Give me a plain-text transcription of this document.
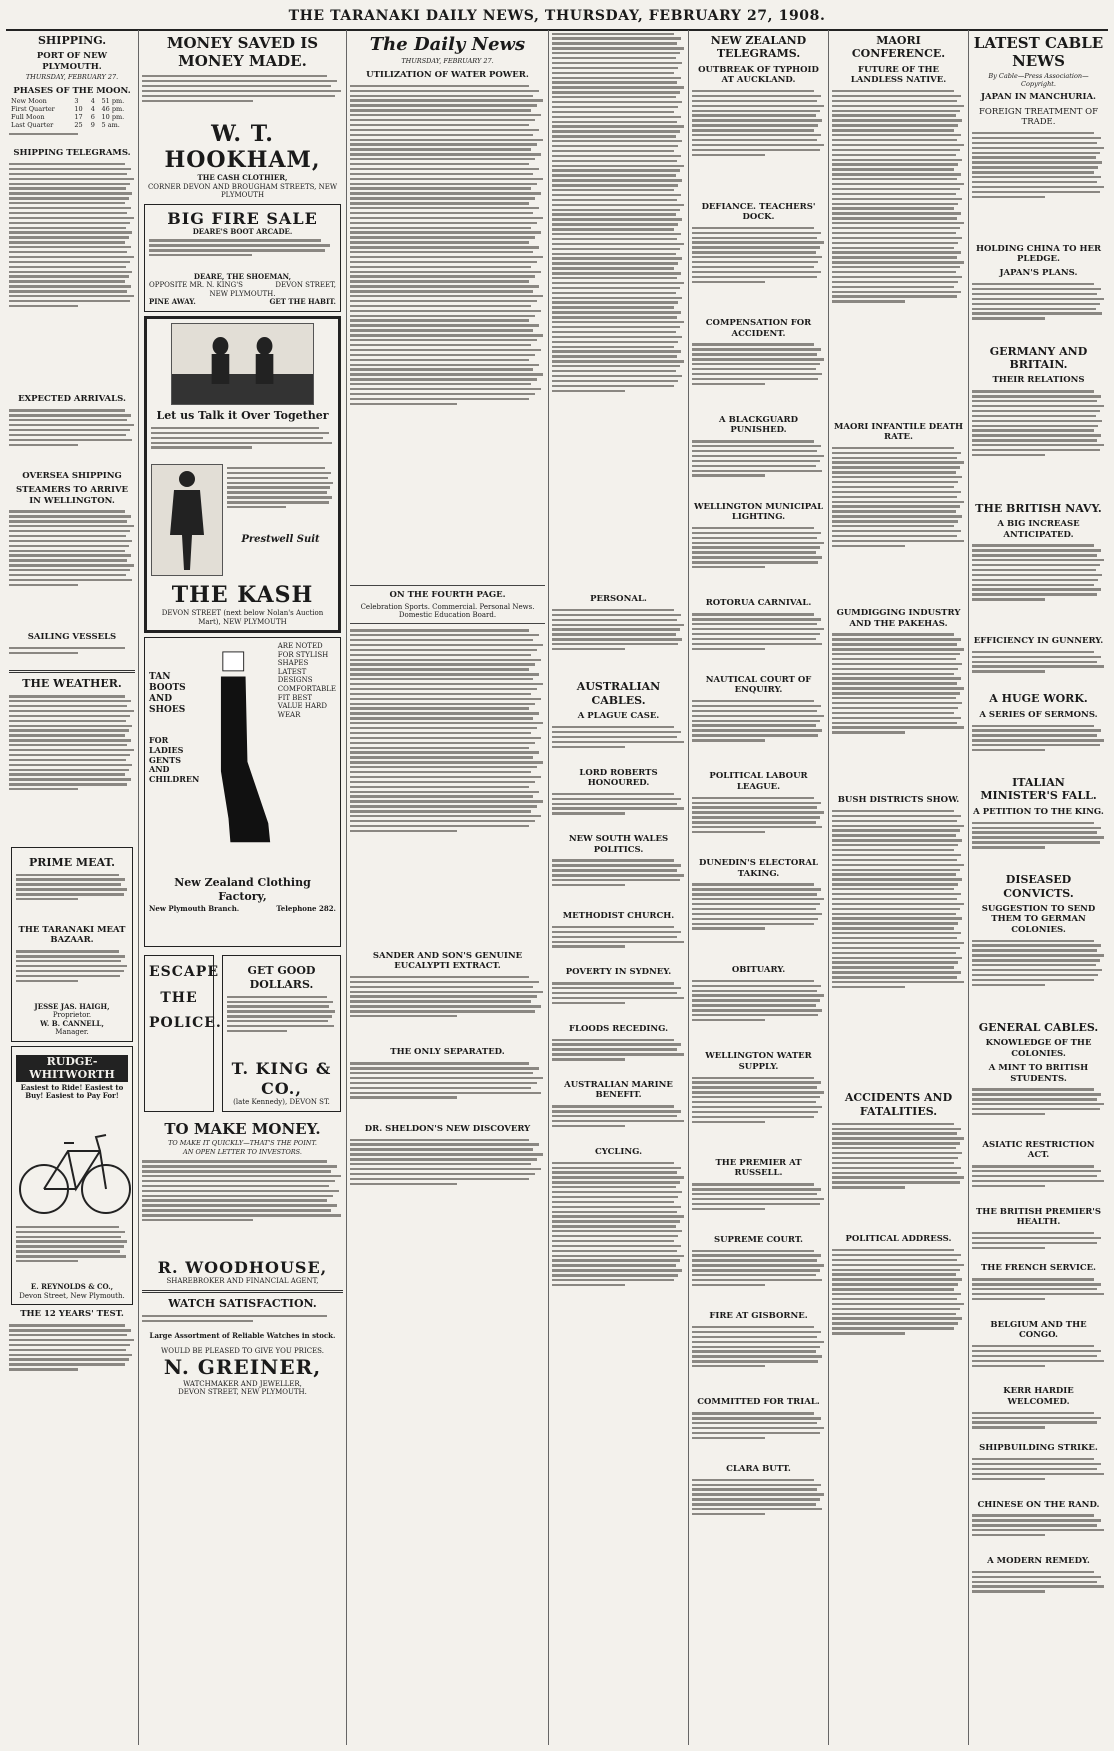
THE TARANAKI DAILY NEWS, THURSDAY, FEBRUARY 27, 1908.
SHIPPING.
PORT OF NEW PLYMOUTH.
THURSDAY, FEBRUARY 27.
PHASES OF THE MOON.
New Moon	3	4	51 pm.
First Quarter	10	4	46 pm.
Full Moon	17	6	10 pm.
Last Quarter	25	9	5 am.
SHIPPING TELEGRAMS.
EXPECTED ARRIVALS.
OVERSEA SHIPPING
STEAMERS TO ARRIVE IN WELLINGTON.
SAILING VESSELS
THE WEATHER.
PRIME MEAT.
THE TARANAKI MEAT BAZAAR.
JESSE JAS. HAIGH,
Proprietor.
W. B. CANNELL,
Manager.
RUDGE-WHITWORTH
Easiest to Ride! Easiest to Buy! Easiest to Pay For!
E. REYNOLDS & CO.,
Devon Street, New Plymouth.
THE 12 YEARS' TEST.
MONEY SAVED IS MONEY MADE.
W. T. HOOKHAM,
THE CASH CLOTHIER,
CORNER DEVON AND BROUGHAM STREETS, NEW PLYMOUTH
BIG FIRE SALE
DEARE'S BOOT ARCADE.
DEARE, THE SHOEMAN,
OPPOSITE MR. N. KING'S	DEVON STREET,
NEW PLYMOUTH.
PINE AWAY.	GET THE HABIT.
Let us Talk it Over Together
Prestwell Suit
THE KASH
DEVON STREET (next below Nolan's Auction Mart), NEW PLYMOUTH
TAN BOOTS AND SHOES
FOR LADIES GENTS AND CHILDREN
ARE NOTED FOR STYLISH SHAPES LATEST DESIGNS COMFORTABLE FIT BEST VALUE HARD WEAR
New Zealand Clothing Factory,
New Plymouth Branch.	Telephone 282.
ESCAPE THE POLICE.
GET GOOD DOLLARS.
T. KING & CO.,
(late Kennedy), DEVON ST.
TO MAKE MONEY.
TO MAKE IT QUICKLY—THAT'S THE POINT.
AN OPEN LETTER TO INVESTORS.
R. WOODHOUSE,
SHAREBROKER AND FINANCIAL AGENT,
WATCH SATISFACTION.
Large Assortment of Reliable Watches in stock.
WOULD BE PLEASED TO GIVE YOU PRICES.
N. GREINER,
WATCHMAKER AND JEWELLER,
DEVON STREET, NEW PLYMOUTH.
The Daily News
THURSDAY, FEBRUARY 27.
UTILIZATION OF WATER POWER.
ON THE FOURTH PAGE.
Celebration Sports. Commercial. Personal News. Domestic Education Board.
SANDER AND SON'S GENUINE EUCALYPTI EXTRACT.
THE ONLY SEPARATED.
DR. SHELDON'S NEW DISCOVERY
PERSONAL.
AUSTRALIAN CABLES.
A PLAGUE CASE.
LORD ROBERTS HONOURED.
NEW SOUTH WALES POLITICS.
METHODIST CHURCH.
POVERTY IN SYDNEY.
FLOODS RECEDING.
AUSTRALIAN MARINE BENEFIT.
CYCLING.
NEW ZEALAND TELEGRAMS.
OUTBREAK OF TYPHOID AT AUCKLAND.
DEFIANCE. TEACHERS' DOCK.
COMPENSATION FOR ACCIDENT.
A BLACKGUARD PUNISHED.
WELLINGTON MUNICIPAL LIGHTING.
ROTORUA CARNIVAL.
NAUTICAL COURT OF ENQUIRY.
POLITICAL LABOUR LEAGUE.
DUNEDIN'S ELECTORAL TAKING.
OBITUARY.
WELLINGTON WATER SUPPLY.
THE PREMIER AT RUSSELL.
SUPREME COURT.
FIRE AT GISBORNE.
COMMITTED FOR TRIAL.
CLARA BUTT.
MAORI CONFERENCE.
FUTURE OF THE LANDLESS NATIVE.
MAORI INFANTILE DEATH RATE.
GUMDIGGING INDUSTRY AND THE PAKEHAS.
BUSH DISTRICTS SHOW.
ACCIDENTS AND FATALITIES.
POLITICAL ADDRESS.
LATEST CABLE NEWS
By Cable—Press Association—Copyright.
JAPAN IN MANCHURIA.
FOREIGN TREATMENT OF TRADE.
HOLDING CHINA TO HER PLEDGE.
JAPAN'S PLANS.
GERMANY AND BRITAIN.
THEIR RELATIONS
THE BRITISH NAVY.
A BIG INCREASE ANTICIPATED.
EFFICIENCY IN GUNNERY.
A HUGE WORK.
A SERIES OF SERMONS.
ITALIAN MINISTER'S FALL.
A PETITION TO THE KING.
DISEASED CONVICTS.
SUGGESTION TO SEND THEM TO GERMAN COLONIES.
GENERAL CABLES.
KNOWLEDGE OF THE COLONIES.
A MINT TO BRITISH STUDENTS.
ASIATIC RESTRICTION ACT.
THE BRITISH PREMIER'S HEALTH.
THE FRENCH SERVICE.
BELGIUM AND THE CONGO.
KERR HARDIE WELCOMED.
SHIPBUILDING STRIKE.
CHINESE ON THE RAND.
A MODERN REMEDY.
